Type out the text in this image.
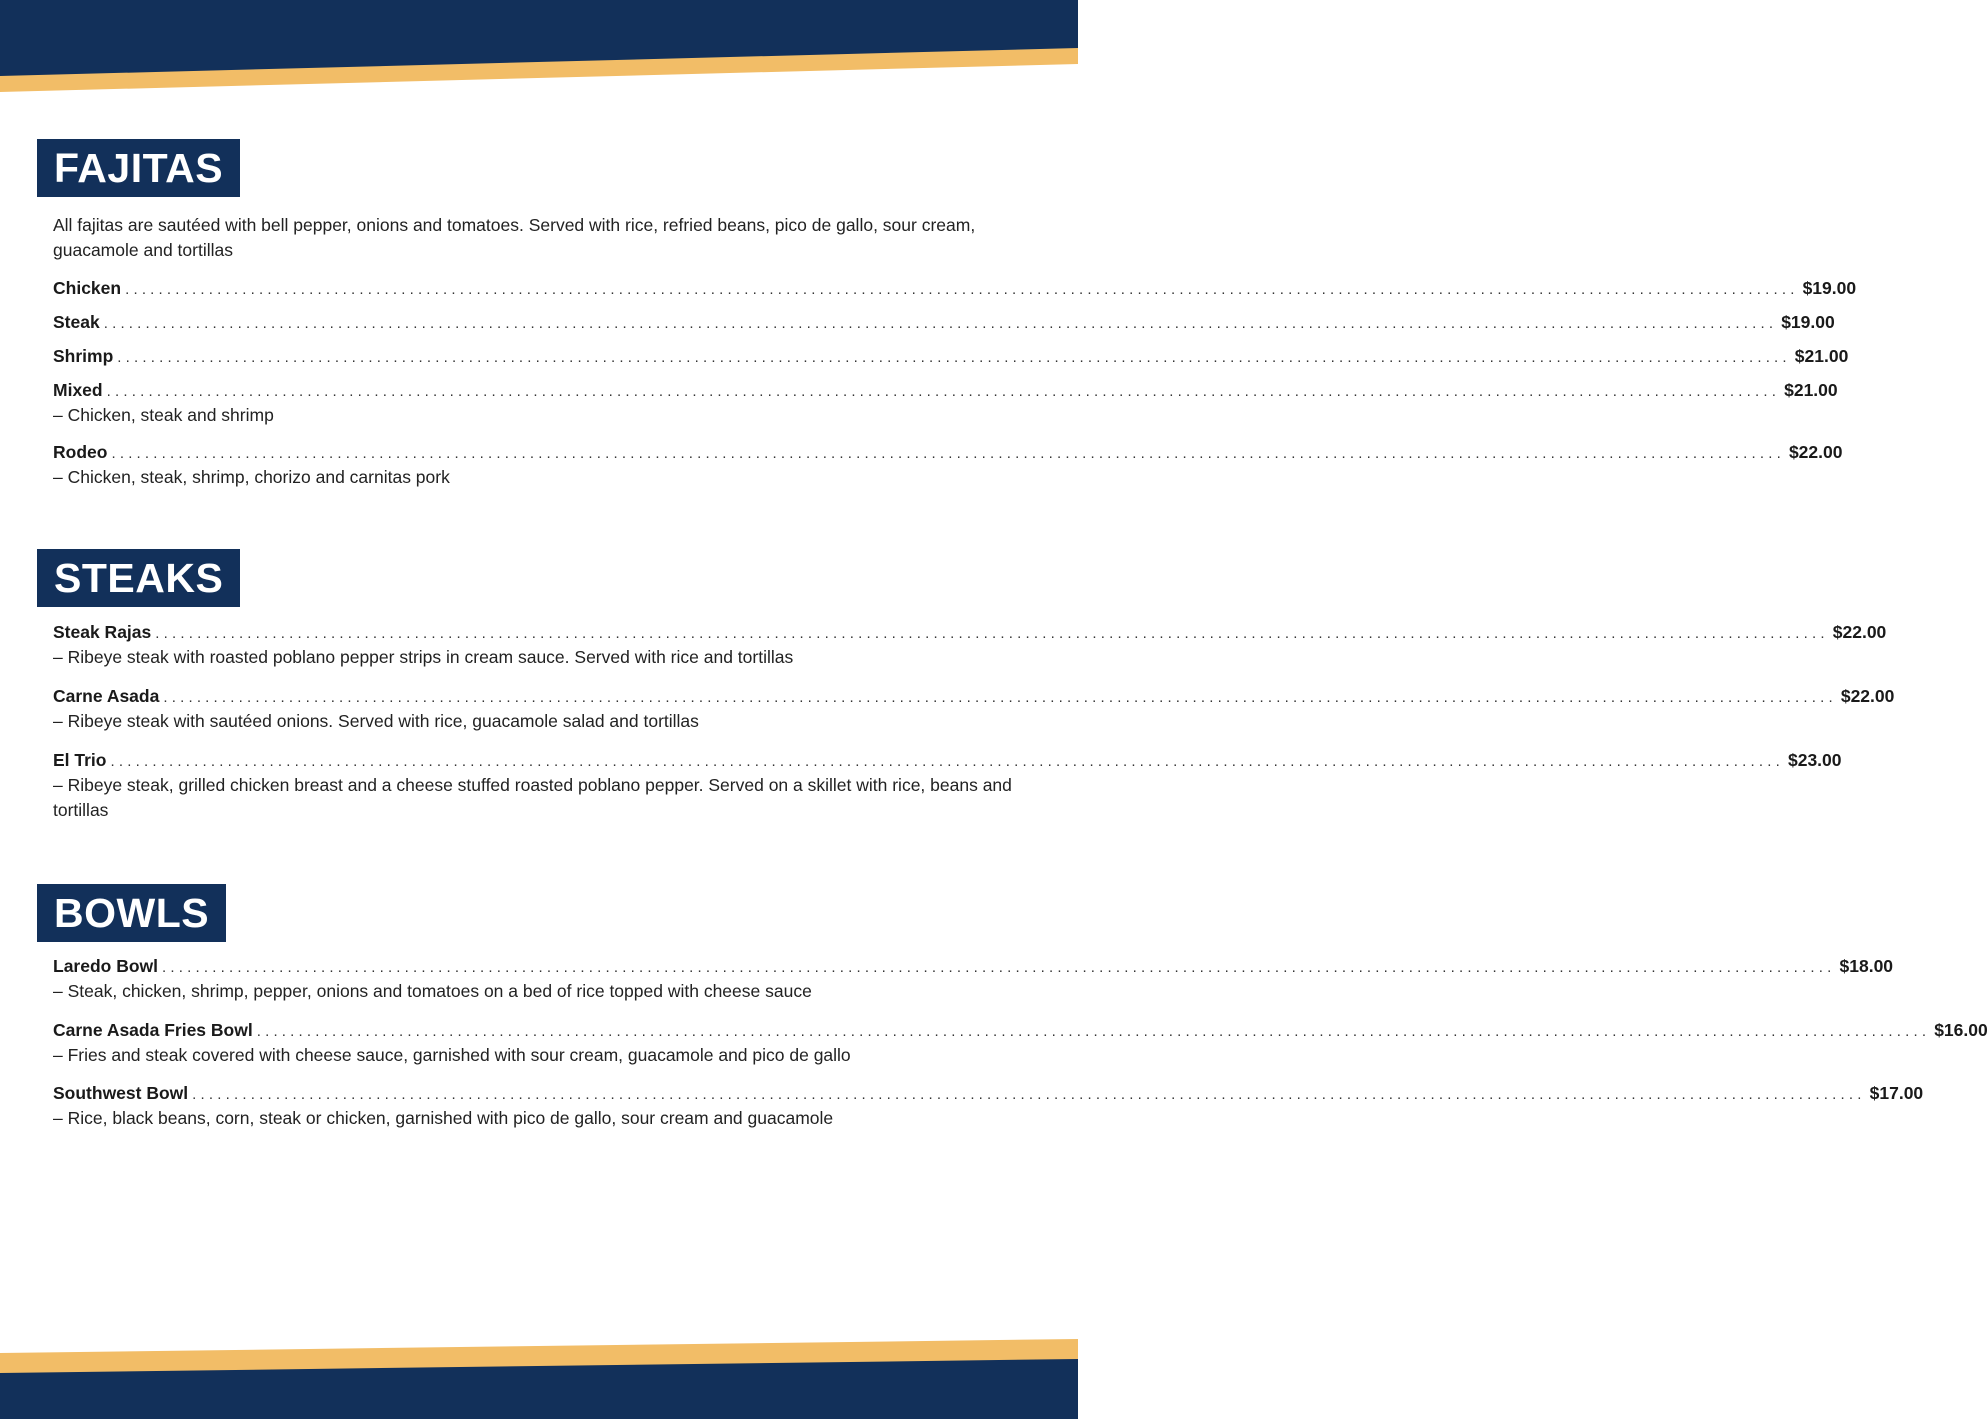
FAJITAS
All fajitas are sautéed with bell pepper, onions and tomatoes. Served with rice, refried beans, pico de gallo, sour cream, guacamole and tortillas
Chicken ........................................................................................................................................................................................................ $19.00
Steak ........................................................................................................................................................................................................ $19.00
Shrimp ........................................................................................................................................................................................................ $21.00
Mixed ........................................................................................................................................................................................................ $21.00
– Chicken, steak and shrimp
Rodeo ........................................................................................................................................................................................................ $22.00
– Chicken, steak, shrimp, chorizo and carnitas pork
STEAKS
Steak Rajas ........................................................................................................................................................................................................ $22.00
– Ribeye steak with roasted poblano pepper strips in cream sauce. Served with rice and tortillas
Carne Asada ........................................................................................................................................................................................................ $22.00
– Ribeye steak with sautéed onions. Served with rice, guacamole salad and tortillas
El Trio ........................................................................................................................................................................................................ $23.00
– Ribeye steak, grilled chicken breast and a cheese stuffed roasted poblano pepper. Served on a skillet with rice, beans and tortillas
BOWLS
Laredo Bowl ........................................................................................................................................................................................................ $18.00
– Steak, chicken, shrimp, pepper, onions and tomatoes on a bed of rice topped with cheese sauce
Carne Asada Fries Bowl ........................................................................................................................................................................................................ $16.00
– Fries and steak covered with cheese sauce, garnished with sour cream, guacamole and pico de gallo
Southwest Bowl ........................................................................................................................................................................................................ $17.00
– Rice, black beans, corn, steak or chicken, garnished with pico de gallo, sour cream and guacamole
